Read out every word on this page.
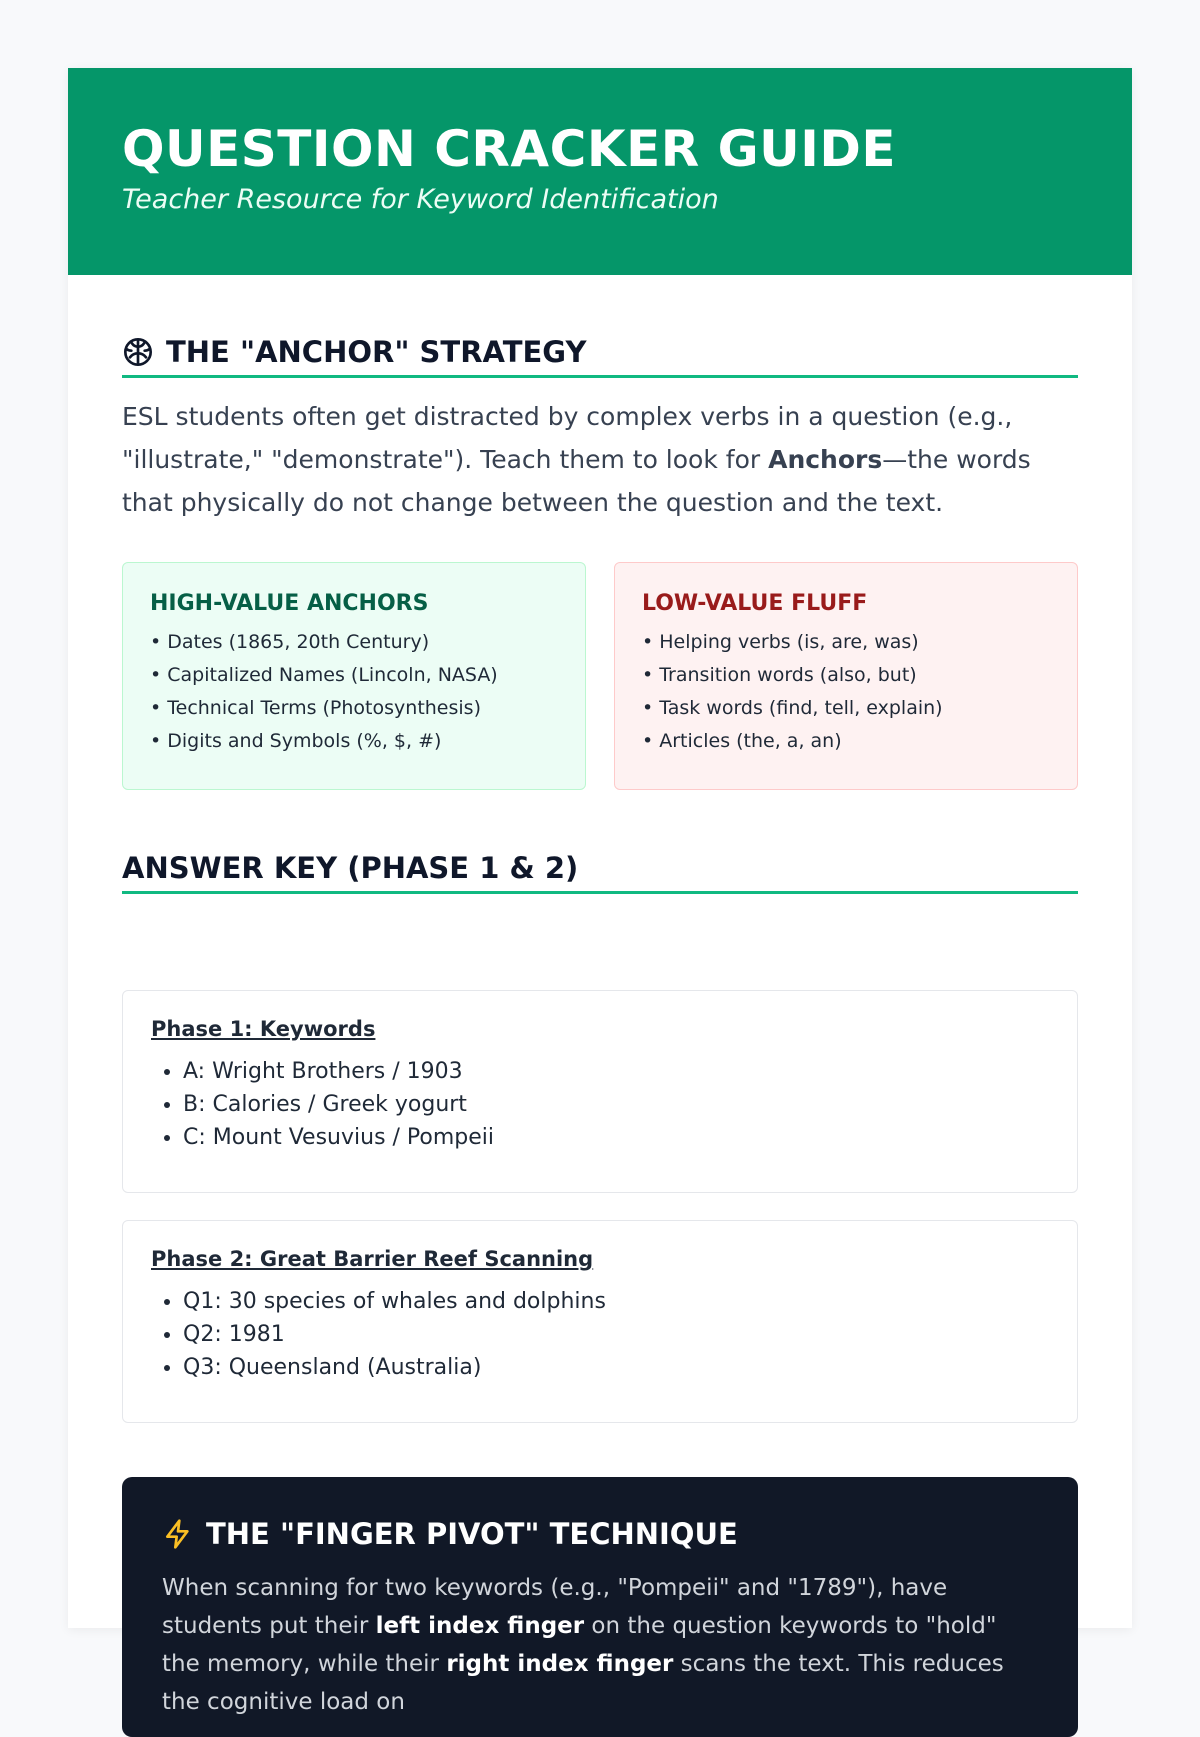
QUESTION CRACKER GUIDE
Teacher Resource for Keyword Identification
THE "ANCHOR" STRATEGY

ESL students often get distracted by complex verbs in a question (e.g., "illustrate," "demonstrate"). Teach them to look for Anchors—the words that physically do not change between the question and the text.

HIGH-VALUE ANCHORS
• Dates (1865, 20th Century)
• Capitalized Names (Lincoln, NASA)
• Technical Terms (Photosynthesis)
• Digits and Symbols (%, $, #)
LOW-VALUE FLUFF
• Helping verbs (is, are, was)
• Transition words (also, but)
• Task words (find, tell, explain)
• Articles (the, a, an)
ANSWER KEY (PHASE 1 & 2)
Phase 1: Keywords
• A: Wright Brothers / 1903
• B: Calories / Greek yogurt
• C: Mount Vesuvius / Pompeii
Phase 2: Great Barrier Reef Scanning
• Q1: 30 species of whales and dolphins
• Q2: 1981
• Q3: Queensland (Australia)
THE "FINGER PIVOT" TECHNIQUE

When scanning for two keywords (e.g., "Pompeii" and "1789"), have students put their left index finger on the question keywords to "hold" the memory, while their right index finger scans the text. This reduces the cognitive load on
